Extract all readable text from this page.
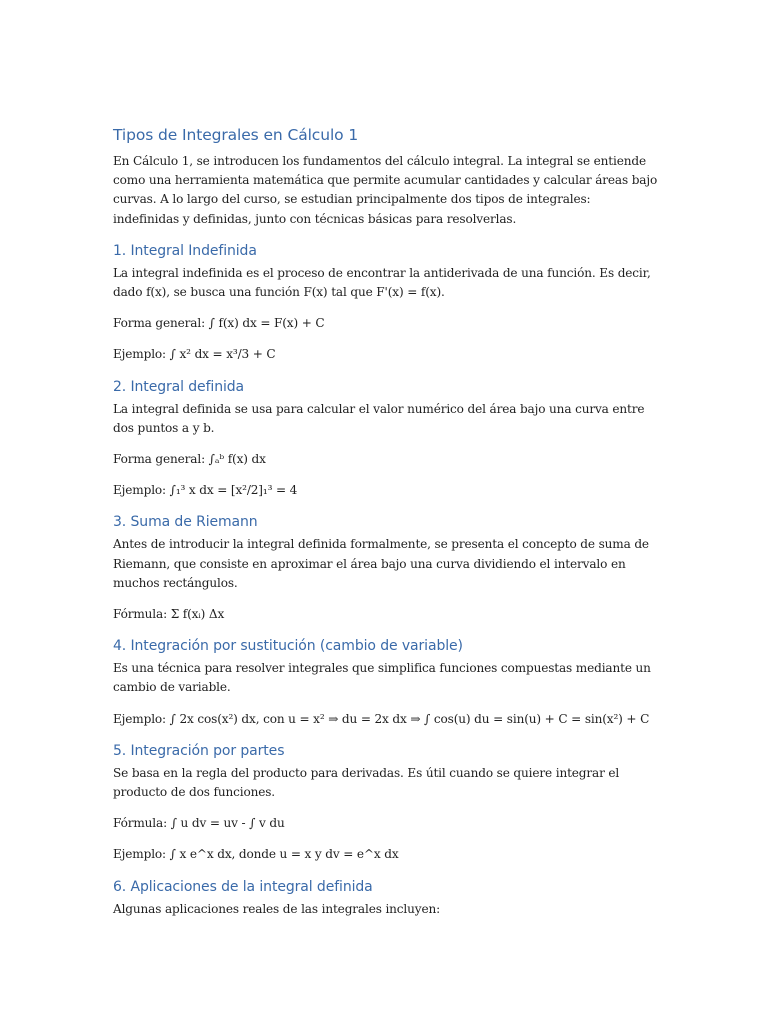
Tipos de Integrales en Cálculo 1

En Cálculo 1, se introducen los fundamentos del cálculo integral. La integral se entiende como una herramienta matemática que permite acumular cantidades y calcular áreas bajo curvas. A lo largo del curso, se estudian principalmente dos tipos de integrales: indefinidas y definidas, junto con técnicas básicas para resolverlas.

1. Integral Indefinida

La integral indefinida es el proceso de encontrar la antiderivada de una función. Es decir, dado f(x), se busca una función F(x) tal que F'(x) = f(x).

Forma general: ∫ f(x) dx = F(x) + C

Ejemplo: ∫ x² dx = x³/3 + C

2. Integral definida

La integral definida se usa para calcular el valor numérico del área bajo una curva entre dos puntos a y b.

Forma general: ∫ₐᵇ f(x) dx

Ejemplo: ∫₁³ x dx = [x²/2]₁³ = 4

3. Suma de Riemann

Antes de introducir la integral definida formalmente, se presenta el concepto de suma de Riemann, que consiste en aproximar el área bajo una curva dividiendo el intervalo en muchos rectángulos.

Fórmula: Σ f(xᵢ) Δx

4. Integración por sustitución (cambio de variable)

Es una técnica para resolver integrales que simplifica funciones compuestas mediante un cambio de variable.

Ejemplo: ∫ 2x cos(x²) dx, con u = x² ⇒ du = 2x dx ⇒ ∫ cos(u) du = sin(u) + C = sin(x²) + C

5. Integración por partes

Se basa en la regla del producto para derivadas. Es útil cuando se quiere integrar el producto de dos funciones.

Fórmula: ∫ u dv = uv - ∫ v du

Ejemplo: ∫ x e^x dx, donde u = x y dv = e^x dx

6. Aplicaciones de la integral definida

Algunas aplicaciones reales de las integrales incluyen:
